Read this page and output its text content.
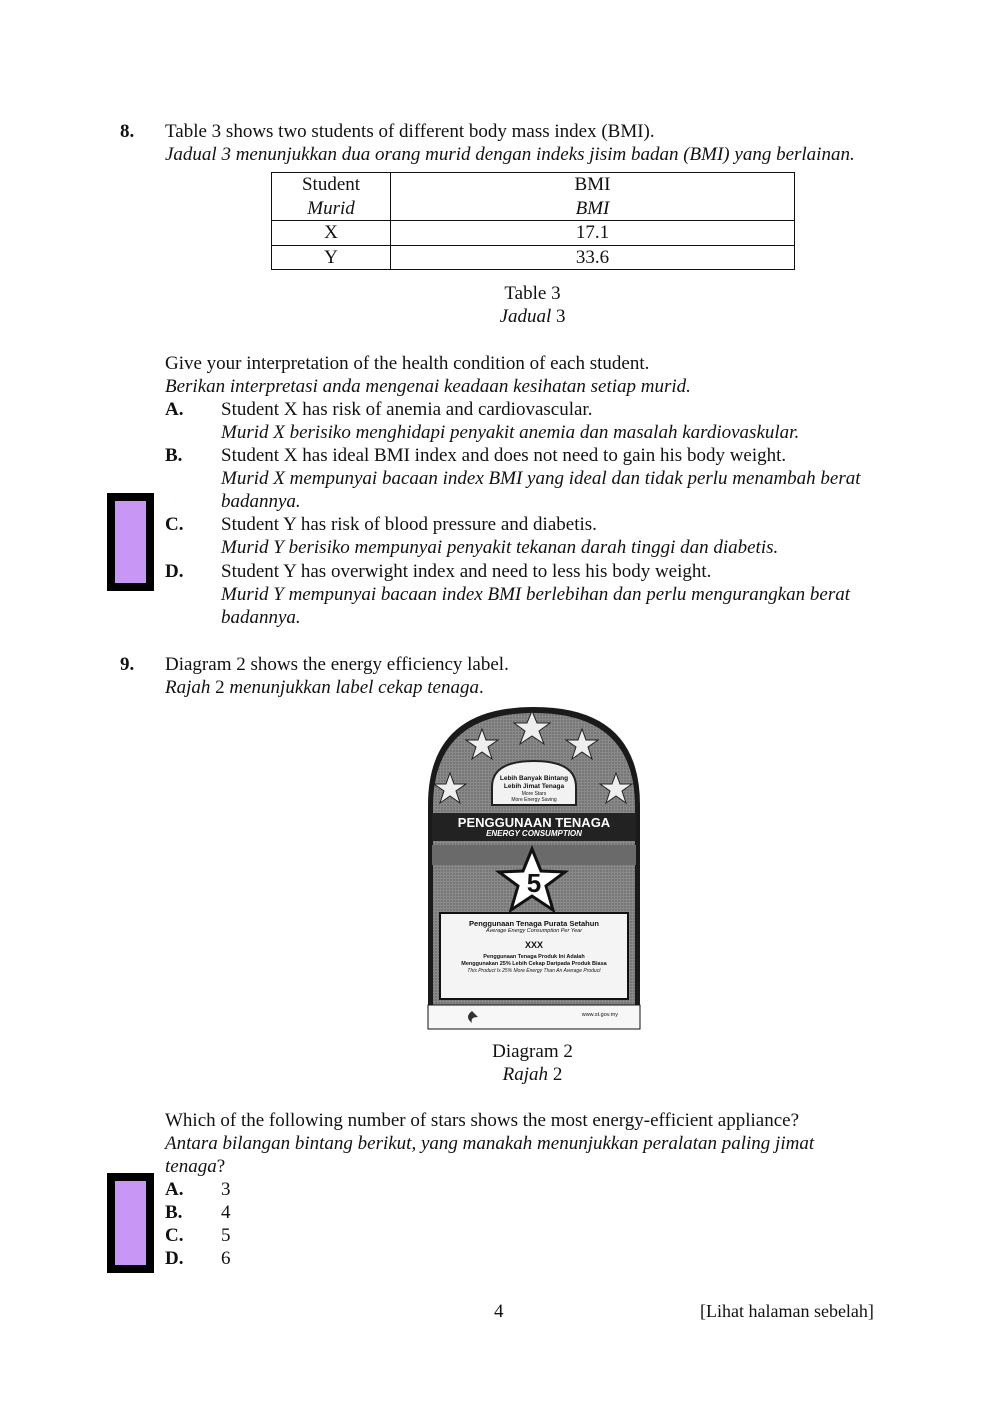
8. Table 3 shows two students of different body mass index (BMI).
Jadual 3 menunjukkan dua orang murid dengan indeks jisim badan (BMI) yang berlainan.
Student	BMI
Murid	BMI
X	17.1
Y	33.6
Table 3
Jadual 3
Give your interpretation of the health condition of each student.
Berikan interpretasi anda mengenai keadaan kesihatan setiap murid.
A. Student X has risk of anemia and cardiovascular.
Murid X berisiko menghidapi penyakit anemia dan masalah kardiovaskular.
B. Student X has ideal BMI index and does not need to gain his body weight.
Murid X mempunyai bacaan index BMI yang ideal dan tidak perlu menambah berat
badannya.
C. Student Y has risk of blood pressure and diabetis.
Murid Y berisiko mempunyai penyakit tekanan darah tinggi dan diabetis.
D. Student Y has overwight index and need to less his body weight.
Murid Y mempunyai bacaan index BMI berlebihan dan perlu mengurangkan berat
badannya.
9. Diagram 2 shows the energy efficiency label.
Rajah 2 menunjukkan label cekap tenaga.
Lebih Banyak Bintang
Lebih Jimat Tenaga
More Stars
More Energy Saving
PENGGUNAAN TENAGA
ENERGY CONSUMPTION
5
Penggunaan Tenaga Purata Setahun
Average Energy Consumption Per Year
XXX
Penggunaan Tenaga Produk Ini Adalah
Menggunakan 25% Lebih Cekap Daripada Produk Biasa
This Product Is 25% More Energy Than An Average Product
www.st.gov.my
Diagram 2
Rajah 2
Which of the following number of stars shows the most energy-efficient appliance?
Antara bilangan bintang berikut, yang manakah menunjukkan peralatan paling jimat
tenaga?
A. 3
B. 4
C. 5
D. 6
4	[Lihat halaman sebelah]
